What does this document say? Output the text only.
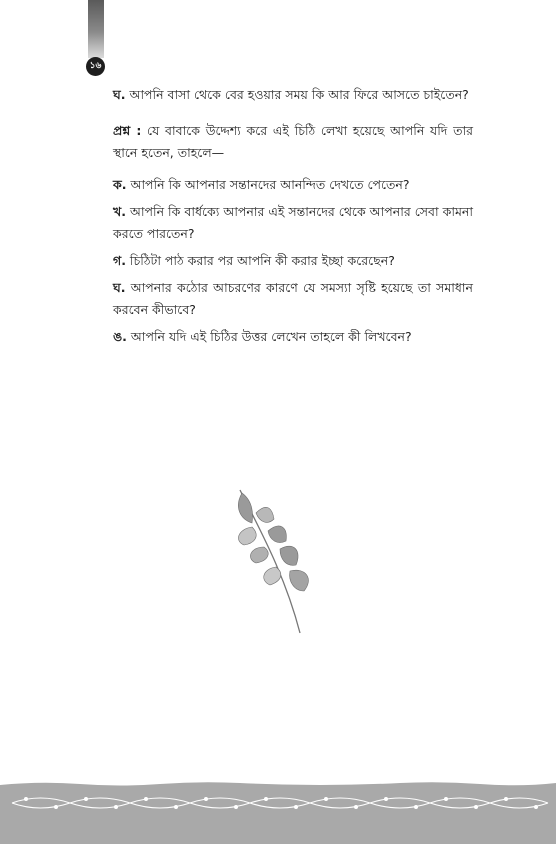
১৬

ঘ. আপনি বাসা থেকে বের হওয়ার সময় কি আর ফিরে আসতে চাইতেন?

প্রশ্ন : যে বাবাকে উদ্দেশ্য করে এই চিঠি লেখা হয়েছে আপনি যদি তার স্থানে হতেন, তাহলে—

ক. আপনি কি আপনার সন্তানদের আনন্দিত দেখতে পেতেন?

খ. আপনি কি বার্ধক্যে আপনার এই সন্তানদের থেকে আপনার সেবা কামনা করতে পারতেন?

গ. চিঠিটা পাঠ করার পর আপনি কী করার ইচ্ছা করেছেন?

ঘ. আপনার কঠোর আচরণের কারণে যে সমস্যা সৃষ্টি হয়েছে তা সমাধান করবেন কীভাবে?

ঙ. আপনি যদি এই চিঠির উত্তর লেখেন তাহলে কী লিখবেন?
